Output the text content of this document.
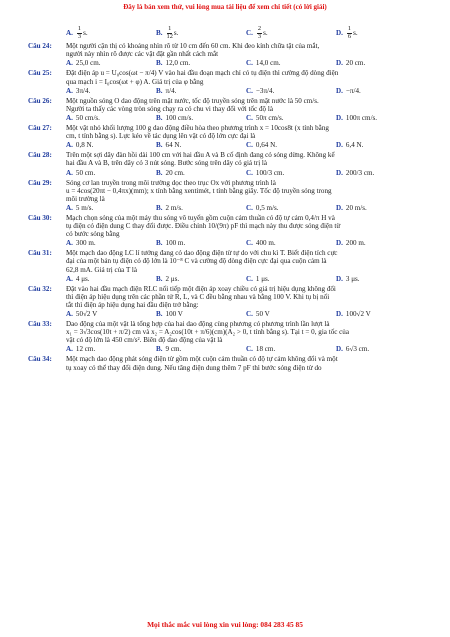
Đây là bản xem thử, vui lòng mua tài liệu để xem chi tiết (có lời giải)
A. $\frac{1}{3} s$.	B. $\frac{1}{12} s$.	C. $\frac{2}{3} s$.	D. $\frac{1}{6} s$.
Câu 24:	Một người cận thị có khoảng nhìn rõ từ 10 cm đến 60 cm. Khi đeo kính chữa tật của mắt,
người này nhìn rõ được các vật đặt gần nhất cách mắt
A. 25,0 cm.	B. 12,0 cm.	C. 14,0 cm.	D. 20 cm.
Câu 25:	Đặt điện áp u = U₀cos(ωt − π/4) V vào hai đầu đoạn mạch chỉ có tụ điện thì cường độ dòng điện
qua mạch i = I₀cos(ωt + φ) A. Giá trị của φ bằng
A. 3π/4.	B. π/4.	C. −3π/4.	D. −π/4.
Câu 26:	Một nguồn sóng O dao động trên mặt nước, tốc độ truyền sóng trên mặt nước là 50 cm/s.
Người ta thấy các vòng tròn sóng chạy ra có chu vi thay đổi với tốc độ là
A. 50 cm/s.	B. 100 cm/s.	C. 50π cm/s.	D. 100π cm/s.
Câu 27:	Một vật nhỏ khối lượng 100 g dao động điều hòa theo phương trình x = 10cos8t (x tính bằng
cm, t tính bằng s). Lực kéo về tác dụng lên vật có độ lớn cực đại là
A. 0,8 N.	B. 64 N.	C. 0,64 N.	D. 6,4 N.
Câu 28:	Trên một sợi dây đàn hồi dài 100 cm với hai đầu A và B cố định đang có sóng dừng. Không kể
hai đầu A và B, trên dây có 3 nút sóng. Bước sóng trên dây có giá trị là
A. 50 cm.	B. 20 cm.	C. 100/3 cm.	D. 200/3 cm.
Câu 29:	Sóng cơ lan truyền trong môi trường dọc theo trục Ox với phương trình là
u = 4cos(20πt − 0,4πx)(mm); x tính bằng xentimét, t tính bằng giây. Tốc độ truyền sóng trong
môi trường là
A. 5 m/s.	B. 2 m/s.	C. 0,5 m/s.	D. 20 m/s.
Câu 30:	Mạch chọn sóng của một máy thu sóng vô tuyến gồm cuộn cảm thuần có độ tự cảm 0,4/π H và
tụ điện có điện dung C thay đổi được. Điều chỉnh 10/(9π) pF thì mạch này thu được sóng điện từ
có bước sóng bằng
A. 300 m.	B. 100 m.	C. 400 m.	D. 200 m.
Câu 31:	Một mạch dao động LC lí tưởng đang có dao động điện từ tự do với chu kì T. Biết điện tích cực
đại của một bản tụ điện có độ lớn là 10⁻⁸ C và cường độ dòng điện cực đại qua cuộn cảm là
62,8 mA. Giá trị của T là
A. 4 μs.	B. 2 μs.	C. 1 μs.	D. 3 μs.
Câu 32:	Đặt vào hai đầu mạch điện RLC nối tiếp một điện áp xoay chiều có giá trị hiệu dụng không đổi
thì điện áp hiệu dụng trên các phần tử R, L, và C đều bằng nhau và bằng 100 V. Khi tụ bị nối
tắt thì điện áp hiệu dụng hai đầu điện trở bằng:
A. 50√2 V	B. 100 V	C. 50 V	D. 100√2 V
Câu 33:	Dao động của một vật là tổng hợp của hai dao động cùng phương có phương trình lần lượt là
x₁ = 3√3cos(10t + π/2) cm và x₂ = A₂cos(10t + π/6)(cm)(A₂ > 0, t tính bằng s). Tại t = 0, gia tốc của
vật có độ lớn là 450 cm/s². Biên độ dao động của vật là
A. 12 cm.	B. 9 cm.	C. 18 cm.	D. 6√3 cm.
Câu 34:	Một mạch dao động phát sóng điện từ gồm một cuộn cảm thuần có độ tự cảm không đổi và một
tụ xoay có thể thay đổi điện dung. Nếu tăng điện dung thêm 7 pF thì bước sóng điện từ do
Mọi thắc mắc vui lòng xin vui lòng: 084 283 45 85
